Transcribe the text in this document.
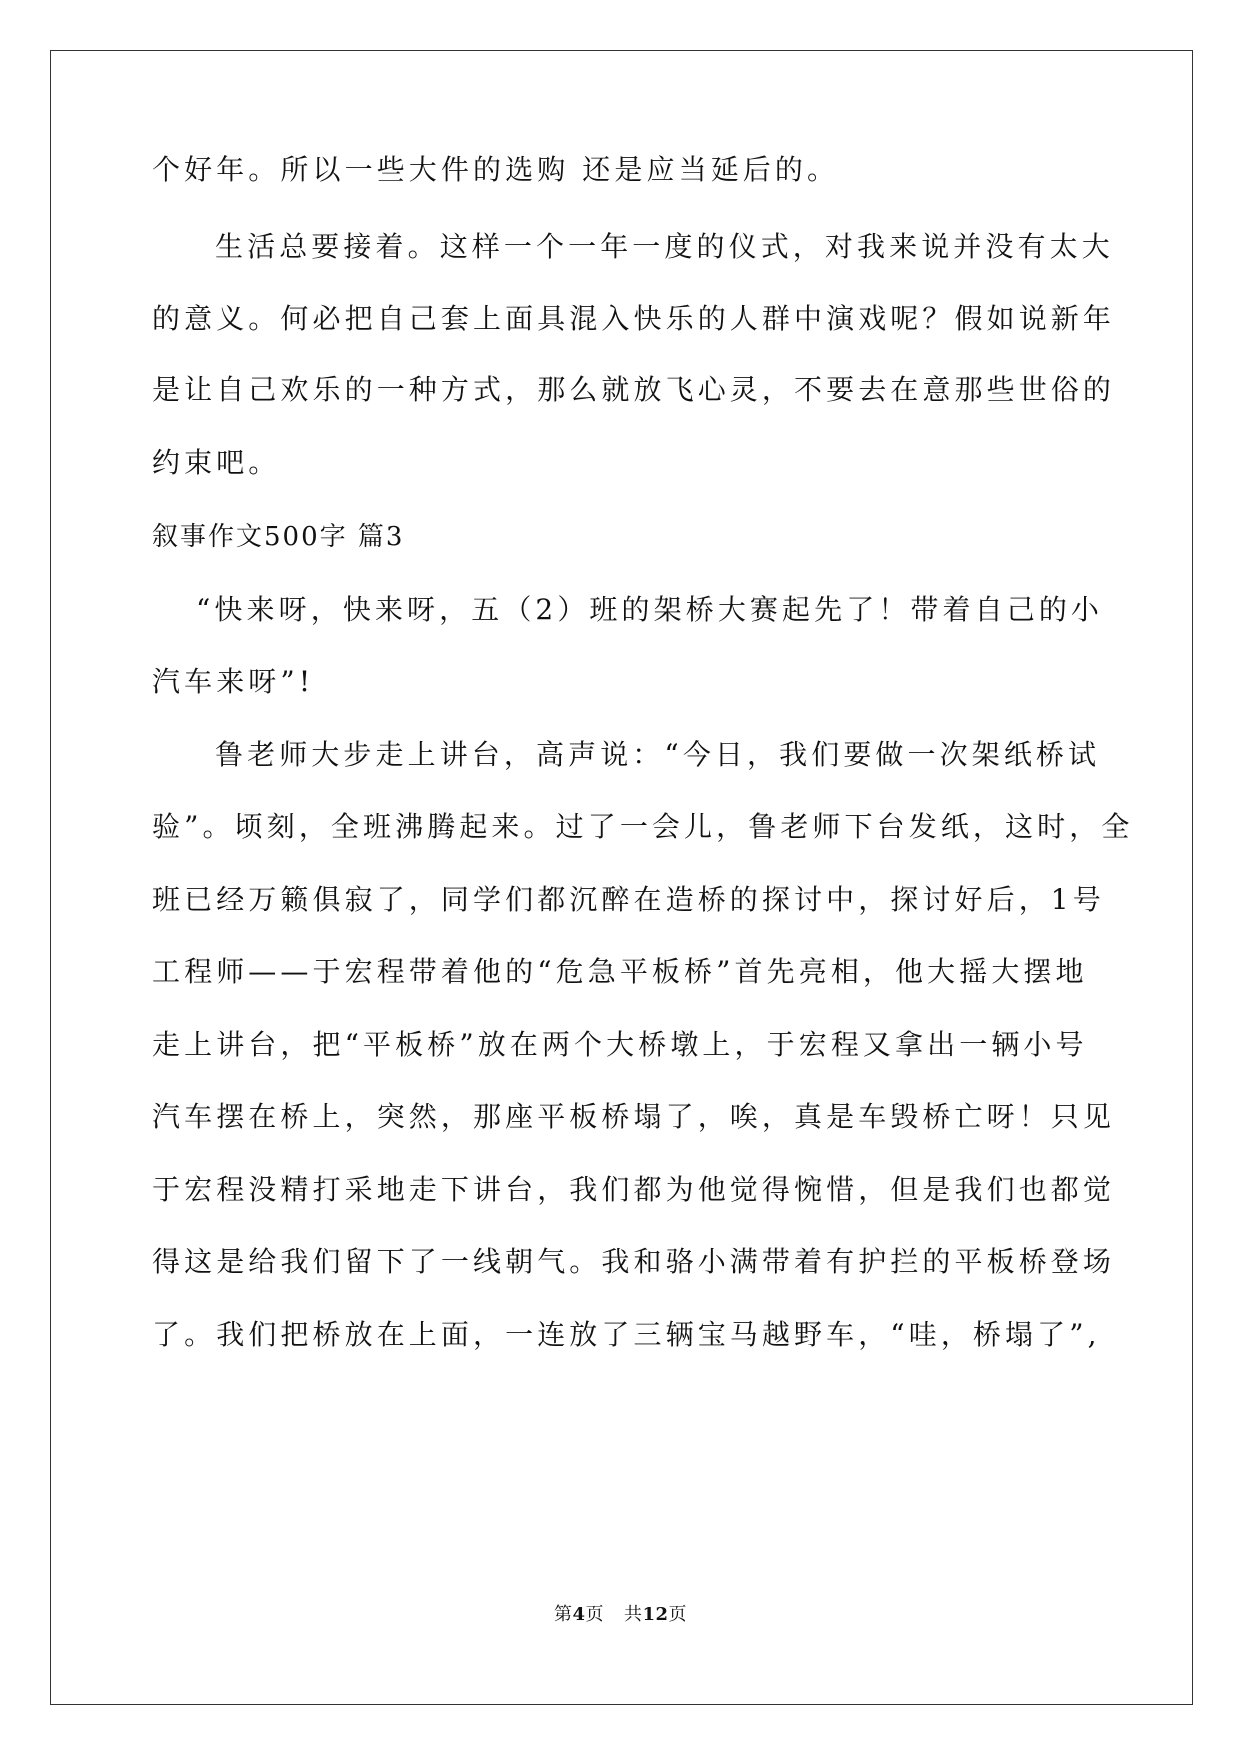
个好年。所以一些大件的选购 还是应当延后的。
生活总要接着。这样一个一年一度的仪式，对我来说并没有太大
的意义。何必把自己套上面具混入快乐的人群中演戏呢？假如说新年
是让自己欢乐的一种方式，那么就放飞心灵，不要去在意那些世俗的
约束吧。
叙事作文500字 篇3
“快来呀，快来呀，五（2）班的架桥大赛起先了！带着自己的小
汽车来呀”!
鲁老师大步走上讲台，高声说：“今日，我们要做一次架纸桥试
验”。顷刻，全班沸腾起来。过了一会儿，鲁老师下台发纸，这时，全
班已经万籁俱寂了，同学们都沉醉在造桥的探讨中，探讨好后，1号
工程师——于宏程带着他的“危急平板桥”首先亮相，他大摇大摆地
走上讲台，把“平板桥”放在两个大桥墩上，于宏程又拿出一辆小号
汽车摆在桥上，突然，那座平板桥塌了，唉，真是车毁桥亡呀！只见
于宏程没精打采地走下讲台，我们都为他觉得惋惜，但是我们也都觉
得这是给我们留下了一线朝气。我和骆小满带着有护拦的平板桥登场
了。我们把桥放在上面，一连放了三辆宝马越野车，“哇，桥塌了”,
第4页 共12页
